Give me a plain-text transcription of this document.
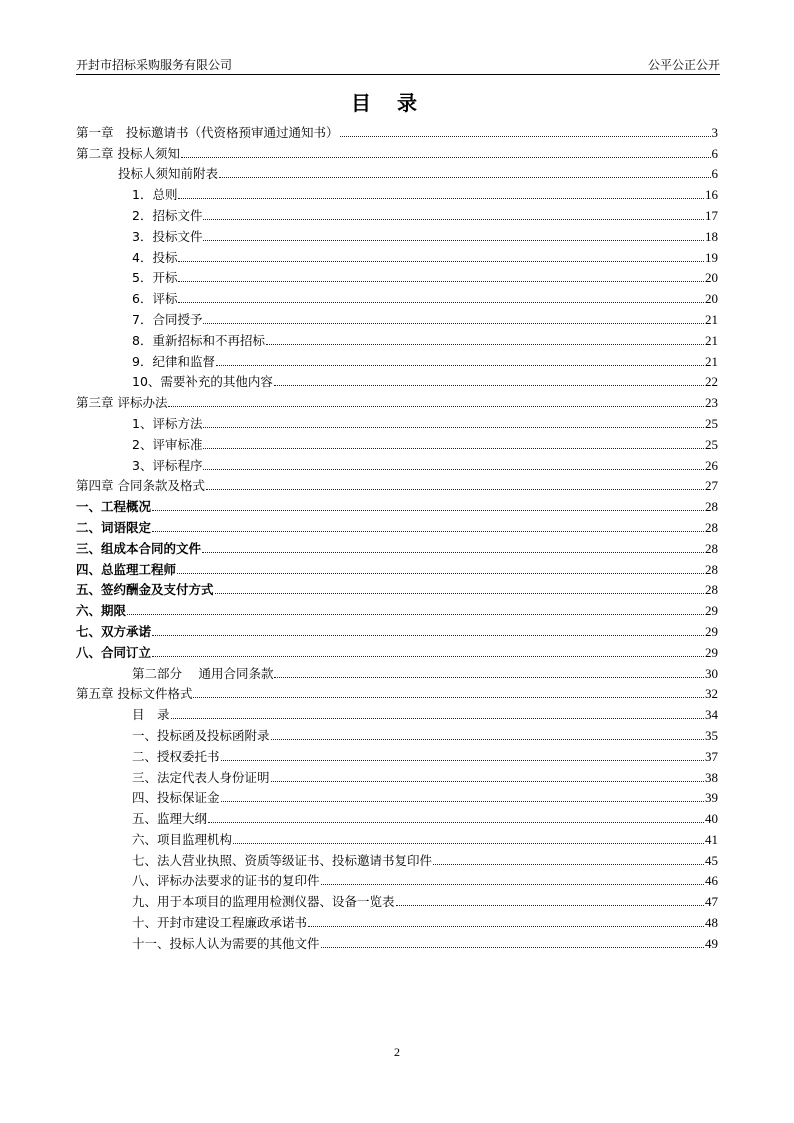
开封市招标采购服务有限公司	公平公正公开
目录
第一章　投标邀请书（代资格预审通过通知书）	3
第二章 投标人须知	6
投标人须知前附表	6
1．总则	16
2．招标文件	17
3．投标文件	18
4．投标	19
5．开标	20
6．评标	20
7．合同授予	21
8．重新招标和不再招标	21
9．纪律和监督	21
10、需要补充的其他内容	22
第三章 评标办法	23
1、评标方法	25
2、评审标准	25
3、评标程序	26
第四章 合同条款及格式	27
一、工程概况	28
二、词语限定	28
三、组成本合同的文件	28
四、总监理工程师	28
五、签约酬金及支付方式	28
六、期限	29
七、双方承诺	29
八、合同订立	29
第二部分　 通用合同条款	30
第五章 投标文件格式	32
目　录	34
一、投标函及投标函附录	35
二、授权委托书	37
三、法定代表人身份证明	38
四、投标保证金	39
五、监理大纲	40
六、项目监理机构	41
七、法人营业执照、资质等级证书、投标邀请书复印件	45
八、评标办法要求的证书的复印件	46
九、用于本项目的监理用检测仪器、设备一览表	47
十、开封市建设工程廉政承诺书	48
十一、投标人认为需要的其他文件	49
2
